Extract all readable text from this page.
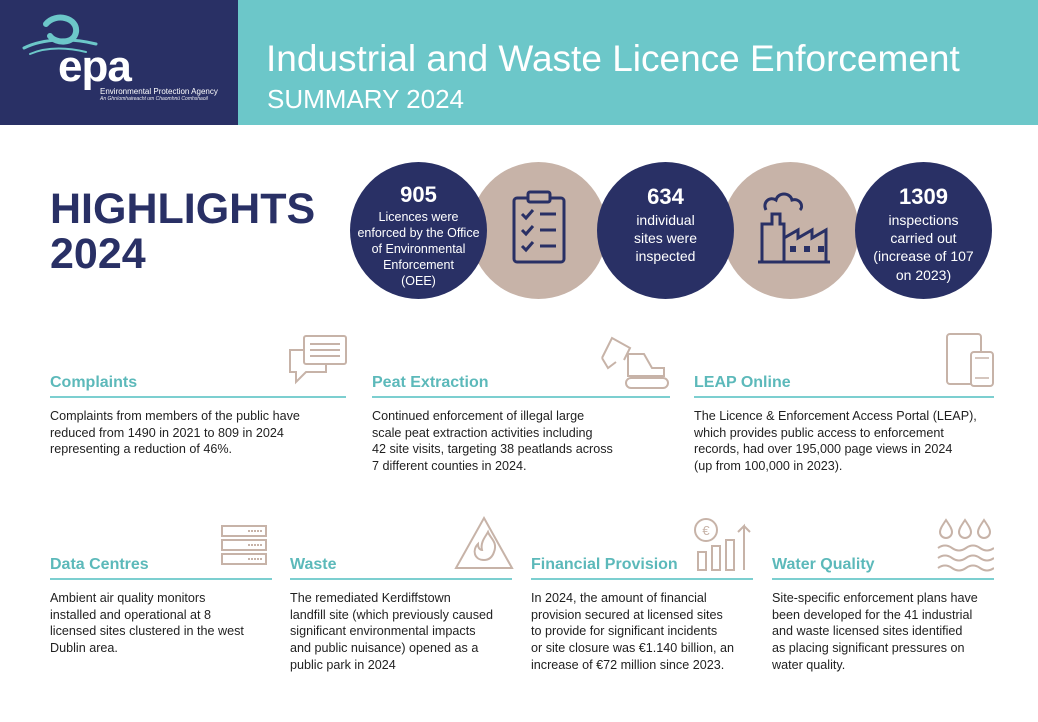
epa
Environmental Protection Agency
An Ghníomhaireacht um Chaomhnú Comhshaoil
Industrial and Waste Licence Enforcement
SUMMARY 2024
HIGHLIGHTS
2024
905
Licences were
enforced by the Office
of Environmental
Enforcement
(OEE)
634
individual
sites were
inspected
1309
inspections
carried out
(increase of 107
on 2023)
Complaints
Complaints from members of the public have
reduced from 1490 in 2021 to 809 in 2024
representing a reduction of 46%.
Peat Extraction
Continued enforcement of illegal large
scale peat extraction activities including
42 site visits, targeting 38 peatlands across
7 different counties in 2024.
LEAP Online
The Licence & Enforcement Access Portal (LEAP),
which provides public access to enforcement
records, had over 195,000 page views in 2024
(up from 100,000 in 2023).
Data Centres
Ambient air quality monitors
installed and operational at 8
licensed sites clustered in the west
Dublin area.
Waste
The remediated Kerdiffstown
landfill site (which previously caused
significant environmental impacts
and public nuisance) opened as a
public park in 2024
€
Financial Provision
In 2024, the amount of financial
provision secured at licensed sites
to provide for significant incidents
or site closure was €1.140 billion, an
increase of €72 million since 2023.
Water Quality
Site-specific enforcement plans have
been developed for the 41 industrial
and waste licensed sites identified
as placing significant pressures on
water quality.
